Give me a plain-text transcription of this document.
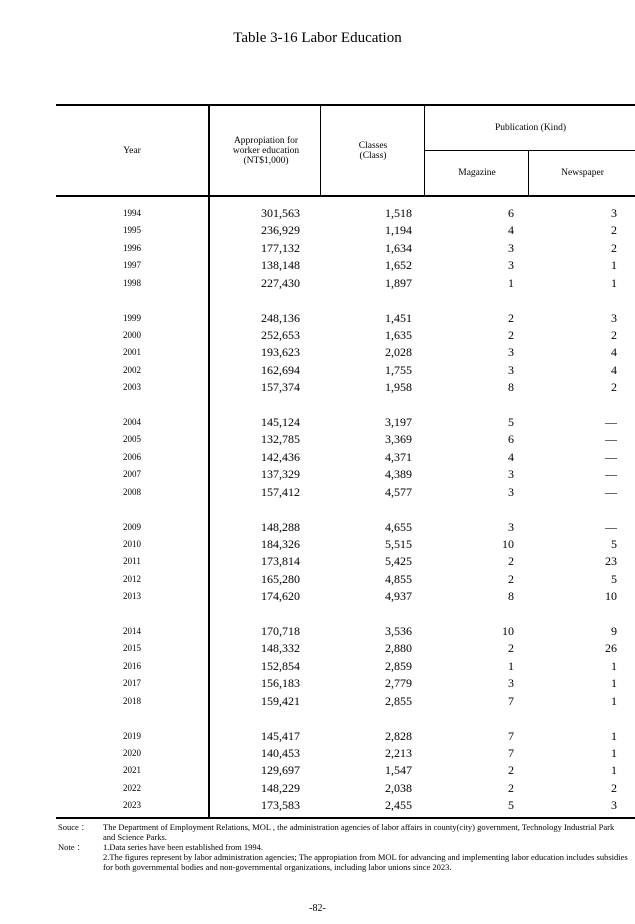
Table 3-16 Labor Education
Year
Appropiation for
worker education
(NT$1,000)
Classes
(Class)
Publication (Kind)
Magazine	Newspaper
1994	301,563	1,518	6	3
1995	236,929	1,194	4	2
1996	177,132	1,634	3	2
1997	138,148	1,652	3	1
1998	227,430	1,897	1	1
1999	248,136	1,451	2	3
2000	252,653	1,635	2	2
2001	193,623	2,028	3	4
2002	162,694	1,755	3	4
2003	157,374	1,958	8	2
2004	145,124	3,197	5	—
2005	132,785	3,369	6	—
2006	142,436	4,371	4	—
2007	137,329	4,389	3	—
2008	157,412	4,577	3	—
2009	148,288	4,655	3	—
2010	184,326	5,515	10	5
2011	173,814	5,425	2	23
2012	165,280	4,855	2	5
2013	174,620	4,937	8	10
2014	170,718	3,536	10	9
2015	148,332	2,880	2	26
2016	152,854	2,859	1	1
2017	156,183	2,779	3	1
2018	159,421	2,855	7	1
2019	145,417	2,828	7	1
2020	140,453	2,213	7	1
2021	129,697	1,547	2	1
2022	148,229	2,038	2	2
2023	173,583	2,455	5	3
Souce ：	The Department of Employment Relations, MOL , the administration agencies of labor affairs in county(city) government, Technology Industrial Park and Science Parks.
Note ：	1.Data series have been established from 1994.
2.The figures represent by labor administration agencies; The appropiation from MOL for advancing and implementing labor education includes subsidies for both governmental bodies and non-governmental organizations, including labor unions since 2023.
-82-
